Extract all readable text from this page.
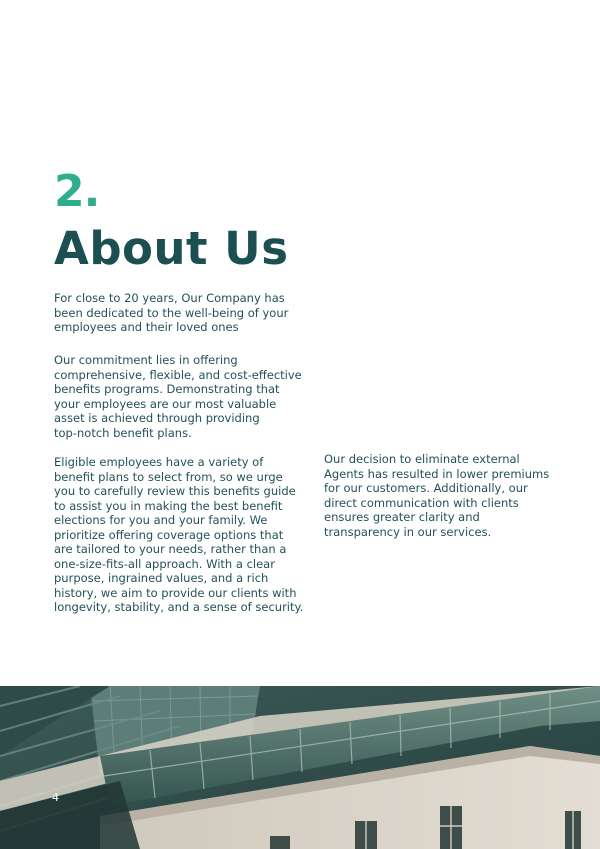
2.
About Us

For close to 20 years, Our Company has
been dedicated to the well-being of your
employees and their loved ones

Our commitment lies in offering
comprehensive, flexible, and cost-effective
benefits programs. Demonstrating that
your employees are our most valuable
asset is achieved through providing
top-notch benefit plans.

Eligible employees have a variety of
benefit plans to select from, so we urge
you to carefully review this benefits guide
to assist you in making the best benefit
elections for you and your family. We
prioritize offering coverage options that
are tailored to your needs, rather than a
one-size-fits-all approach. With a clear
purpose, ingrained values, and a rich
history, we aim to provide our clients with
longevity, stability, and a sense of security.

Our decision to eliminate external
Agents has resulted in lower premiums
for our customers. Additionally, our
direct communication with clients
ensures greater clarity and
transparency in our services.

4
